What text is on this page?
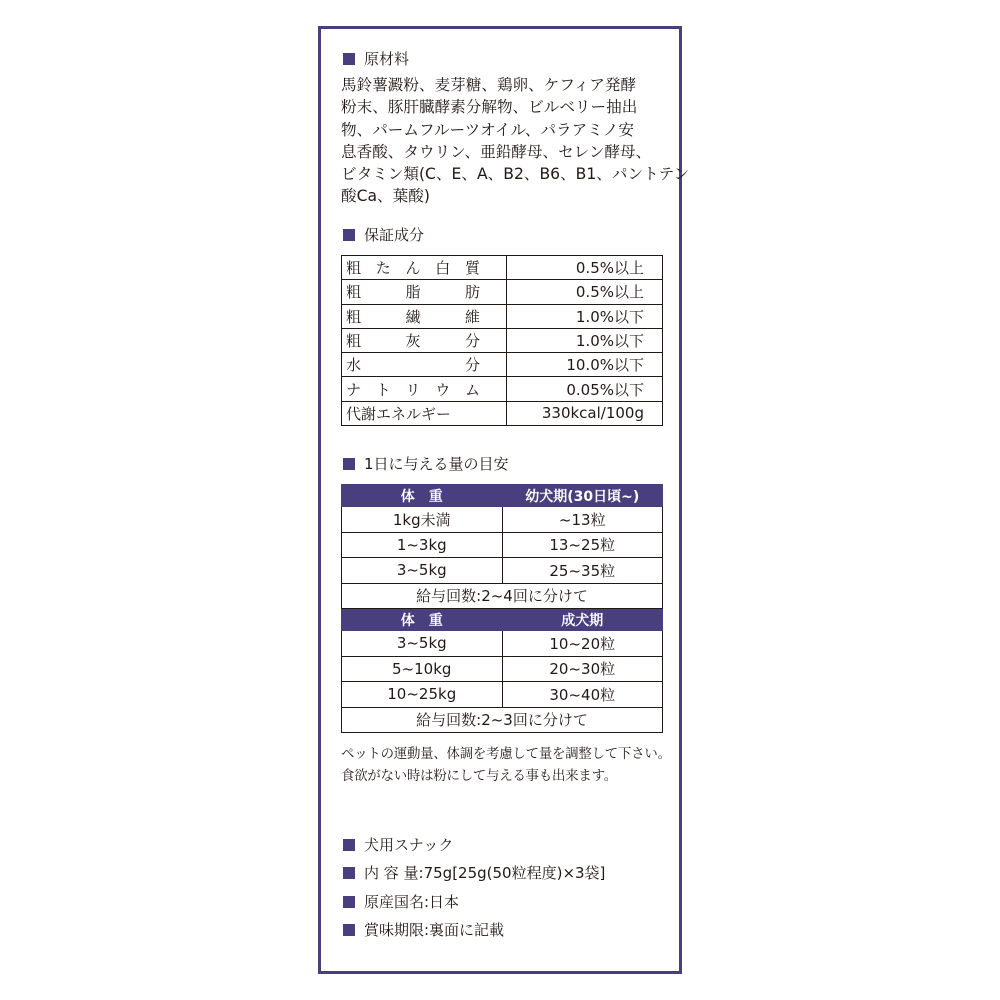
原材料
馬鈴薯澱粉、麦芽糖、鶏卵、ケフィア発酵
粉末、豚肝臓酵素分解物、ビルベリー抽出
物、パームフルーツオイル、パラアミノ安
息香酸、タウリン、亜鉛酵母、セレン酵母、
ビタミン類(C、E、A、B2、B6、B1、パントテン
酸Ca、葉酸)
保証成分
粗 た ん 白 質	0.5%以上

粗 脂 肪	0.5%以上

粗 繊 維	1.0%以下

粗 灰 分	1.0%以下

水 分	10.0%以下

ナ ト リ ウ ム	0.05%以下

代謝エネルギー	330kcal/100g
1日に与える量の目安
体　重	幼犬期(30日頃~)
1kg未満	~13粒
1~3kg	13~25粒
3~5kg	25~35粒
給与回数:2~4回に分けて	
体　重	成犬期
3~5kg	10~20粒
5~10kg	20~30粒
10~25kg	30~40粒
給与回数:2~3回に分けて	
ペットの運動量、体調を考慮して量を調整して下さい。
食欲がない時は粉にして与える事も出来ます。
犬用スナック
内 容 量:75g[25g(50粒程度)×3袋]
原産国名:日本
賞味期限:裏面に記載
